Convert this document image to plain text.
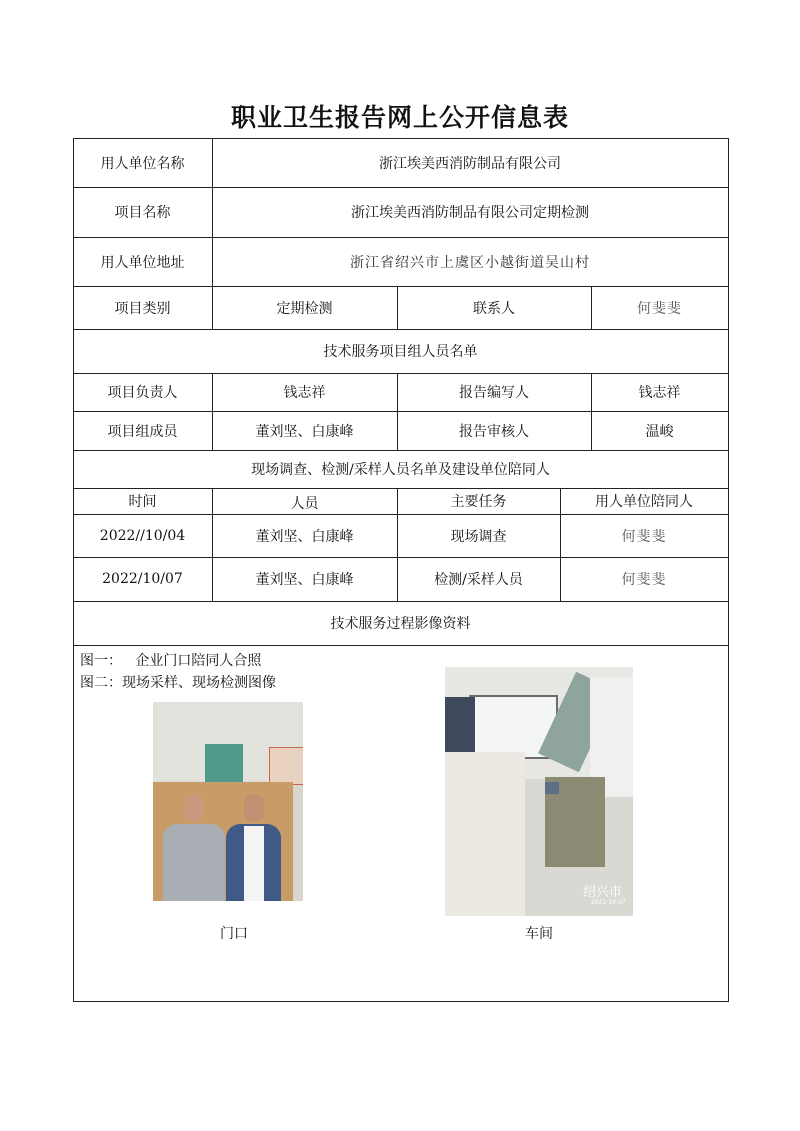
职业卫生报告网上公开信息表
用人单位名称	浙江埃美西消防制品有限公司
项目名称	浙江埃美西消防制品有限公司定期检测
用人单位地址	浙江省绍兴市上虞区小越街道吴山村
项目类别	定期检测	联系人	何斐斐
技术服务项目组人员名单
项目负责人	钱志祥	报告编写人	钱志祥
项目组成员	董刘坚、白康峰	报告审核人	温峻
现场调查、检测/采样人员名单及建设单位陪同人
时间	人员	主要任务	用人单位陪同人
2022//10/04	董刘坚、白康峰	现场调查	何斐斐
2022/10/07	董刘坚、白康峰	检测/采样人员	何斐斐
技术服务过程影像资料
图一：   企业门口陪同人合照
图二：现场采样、现场检测图像
绍兴市
2022-10-07
门口	车间
